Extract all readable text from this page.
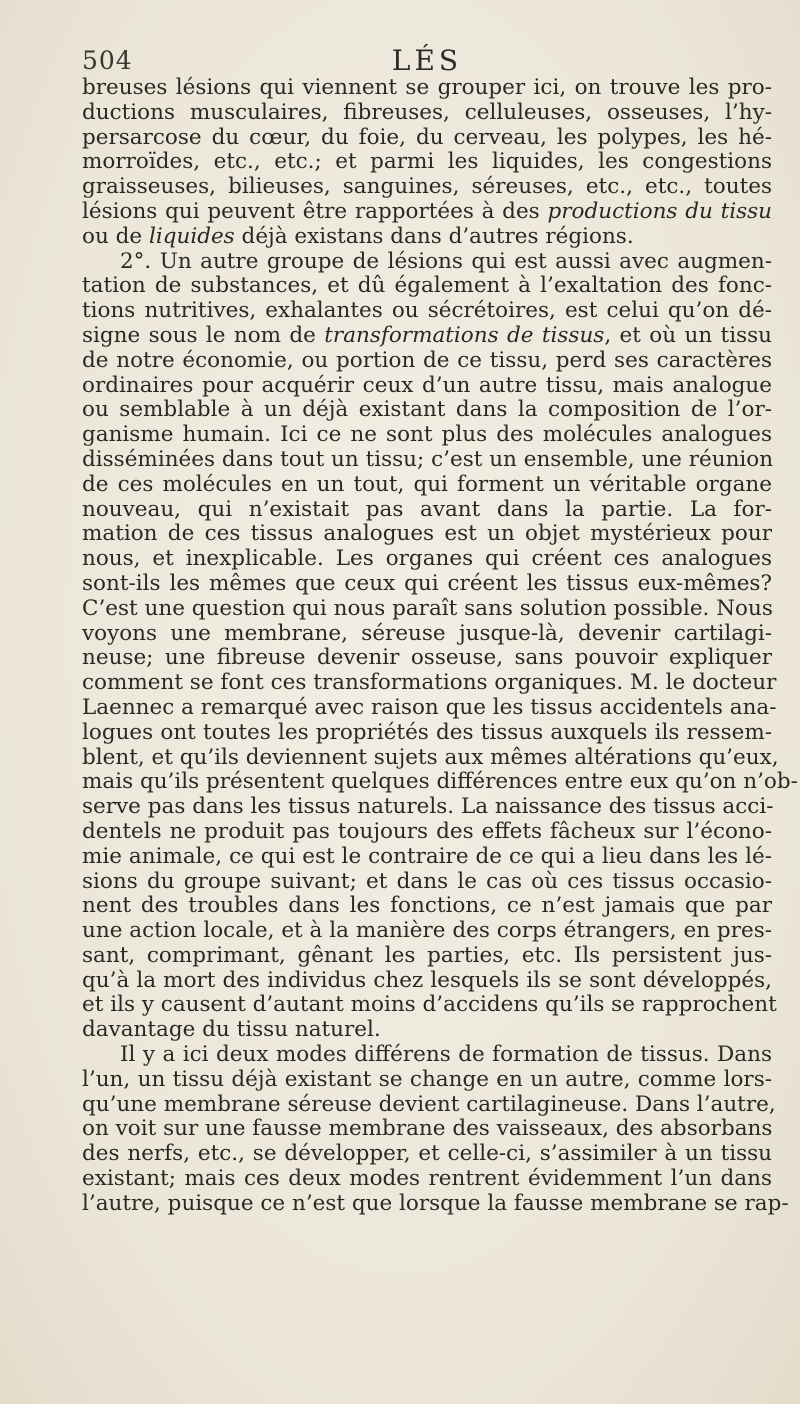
504	LÉS
breuses lésions qui viennent se grouper ici, on trouve les pro-
ductions musculaires, fibreuses, celluleuses, osseuses, l’hy-
persarcose du cœur, du foie, du cerveau, les polypes, les hé-
morroïdes, etc., etc.; et parmi les liquides, les congestions
graisseuses, bilieuses, sanguines, séreuses, etc., etc., toutes
lésions qui peuvent être rapportées à des productions du tissu
ou de liquides déjà existans dans d’autres régions.
2°. Un autre groupe de lésions qui est aussi avec augmen-
tation de substances, et dû également à l’exaltation des fonc-
tions nutritives, exhalantes ou sécrétoires, est celui qu’on dé-
signe sous le nom de transformations de tissus, et où un tissu
de notre économie, ou portion de ce tissu, perd ses caractères
ordinaires pour acquérir ceux d’un autre tissu, mais analogue
ou semblable à un déjà existant dans la composition de l’or-
ganisme humain. Ici ce ne sont plus des molécules analogues
disséminées dans tout un tissu; c’est un ensemble, une réunion
de ces molécules en un tout, qui forment un véritable organe
nouveau, qui n’existait pas avant dans la partie. La for-
mation de ces tissus analogues est un objet mystérieux pour
nous, et inexplicable. Les organes qui créent ces analogues
sont-ils les mêmes que ceux qui créent les tissus eux-mêmes?
C’est une question qui nous paraît sans solution possible. Nous
voyons une membrane, séreuse jusque-là, devenir cartilagi-
neuse; une fibreuse devenir osseuse, sans pouvoir expliquer
comment se font ces transformations organiques. M. le docteur
Laennec a remarqué avec raison que les tissus accidentels ana-
logues ont toutes les propriétés des tissus auxquels ils ressem-
blent, et qu’ils deviennent sujets aux mêmes altérations qu’eux,
mais qu’ils présentent quelques différences entre eux qu’on n’ob-
serve pas dans les tissus naturels. La naissance des tissus acci-
dentels ne produit pas toujours des effets fâcheux sur l’écono-
mie animale, ce qui est le contraire de ce qui a lieu dans les lé-
sions du groupe suivant; et dans le cas où ces tissus occasio-
nent des troubles dans les fonctions, ce n’est jamais que par
une action locale, et à la manière des corps étrangers, en pres-
sant, comprimant, gênant les parties, etc. Ils persistent jus-
qu’à la mort des individus chez lesquels ils se sont développés,
et ils y causent d’autant moins d’accidens qu’ils se rapprochent
davantage du tissu naturel.
Il y a ici deux modes différens de formation de tissus. Dans
l’un, un tissu déjà existant se change en un autre, comme lors-
qu’une membrane séreuse devient cartilagineuse. Dans l’autre,
on voit sur une fausse membrane des vaisseaux, des absorbans
des nerfs, etc., se développer, et celle-ci, s’assimiler à un tissu
existant; mais ces deux modes rentrent évidemment l’un dans
l’autre, puisque ce n’est que lorsque la fausse membrane se rap-
